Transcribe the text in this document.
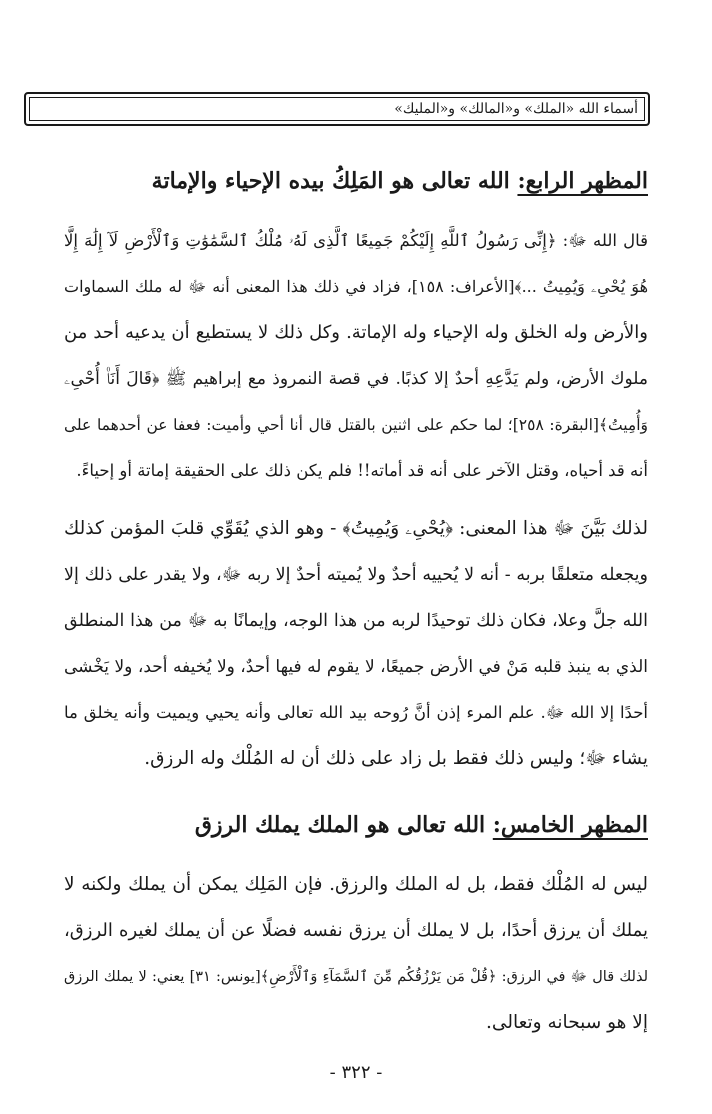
أسماء الله «الملك» و«المالك» و«المليك»
المظهر الرابع: الله تعالى هو المَلِكُ بيده الإحياء والإماتة
قال الله ﷻ: ﴿إِنِّى رَسُولُ ٱللَّهِ إِلَيْكُمْ جَمِيعًا ٱلَّذِى لَهُۥ مُلْكُ ٱلسَّمَٰوَٰتِ وَٱلْأَرْضِ لَآ إِلَٰهَ إِلَّا
هُوَ يُحْىِۦ وَيُمِيتُ ...﴾[الأعراف: ١٥٨]، فزاد في ذلك هذا المعنى أنه ﷻ له ملك السماوات
والأرض وله الخلق وله الإحياء وله الإماتة. وكل ذلك لا يستطيع أن يدعيه أحد من
ملوك الأرض، ولم يَدَّعِهِ أحدٌ إلا كذبًا. في قصة النمروذ مع إبراهيم ﷺ ﴿قَالَ أَنَا۠ أُحْىِۦ
وَأُمِيتُ﴾[البقرة: ٢٥٨]؛ لما حكم على اثنين بالقتل قال أنا أحي وأميت: فعفا عن أحدهما على
أنه قد أحياه، وقتل الآخر على أنه قد أماته!! فلم يكن ذلك على الحقيقة إماتة أو إحياءً.
لذلك بَيَّنَ ﷻ هذا المعنى: ﴿يُحْىِۦ وَيُمِيتُ﴾ - وهو الذي يُقَوِّي قلبَ المؤمن كذلك
ويجعله متعلقًا بربه - أنه لا يُحييه أحدٌ ولا يُميته أحدٌ إلا ربه ﷻ، ولا يقدر على ذلك إلا
الله جلَّ وعلا، فكان ذلك توحيدًا لربه من هذا الوجه، وإيمانًا به ﷻ من هذا المنطلق
الذي به ينبذ قلبه مَنْ في الأرض جميعًا، لا يقوم له فيها أحدٌ، ولا يُخيفه أحد، ولا يَخْشى
أحدًا إلا الله ﷻ. علم المرء إذن أنَّ رُوحه بيد الله تعالى وأنه يحيي ويميت وأنه يخلق ما
يشاء ﷻ؛ وليس ذلك فقط بل زاد على ذلك أن له المُلْك وله الرزق.
المظهر الخامس: الله تعالى هو الملك يملك الرزق
ليس له المُلْك فقط، بل له الملك والرزق. فإن المَلِك يمكن أن يملك ولكنه لا
يملك أن يرزق أحدًا، بل لا يملك أن يرزق نفسه فضلًا عن أن يملك لغيره الرزق،
لذلك قال ﷻ في الرزق: ﴿قُلْ مَن يَرْزُقُكُم مِّنَ ٱلسَّمَآءِ وَٱلْأَرْضِ﴾[يونس: ٣١] يعني: لا يملك الرزق
إلا هو سبحانه وتعالى.
- ٣٢٢ -
